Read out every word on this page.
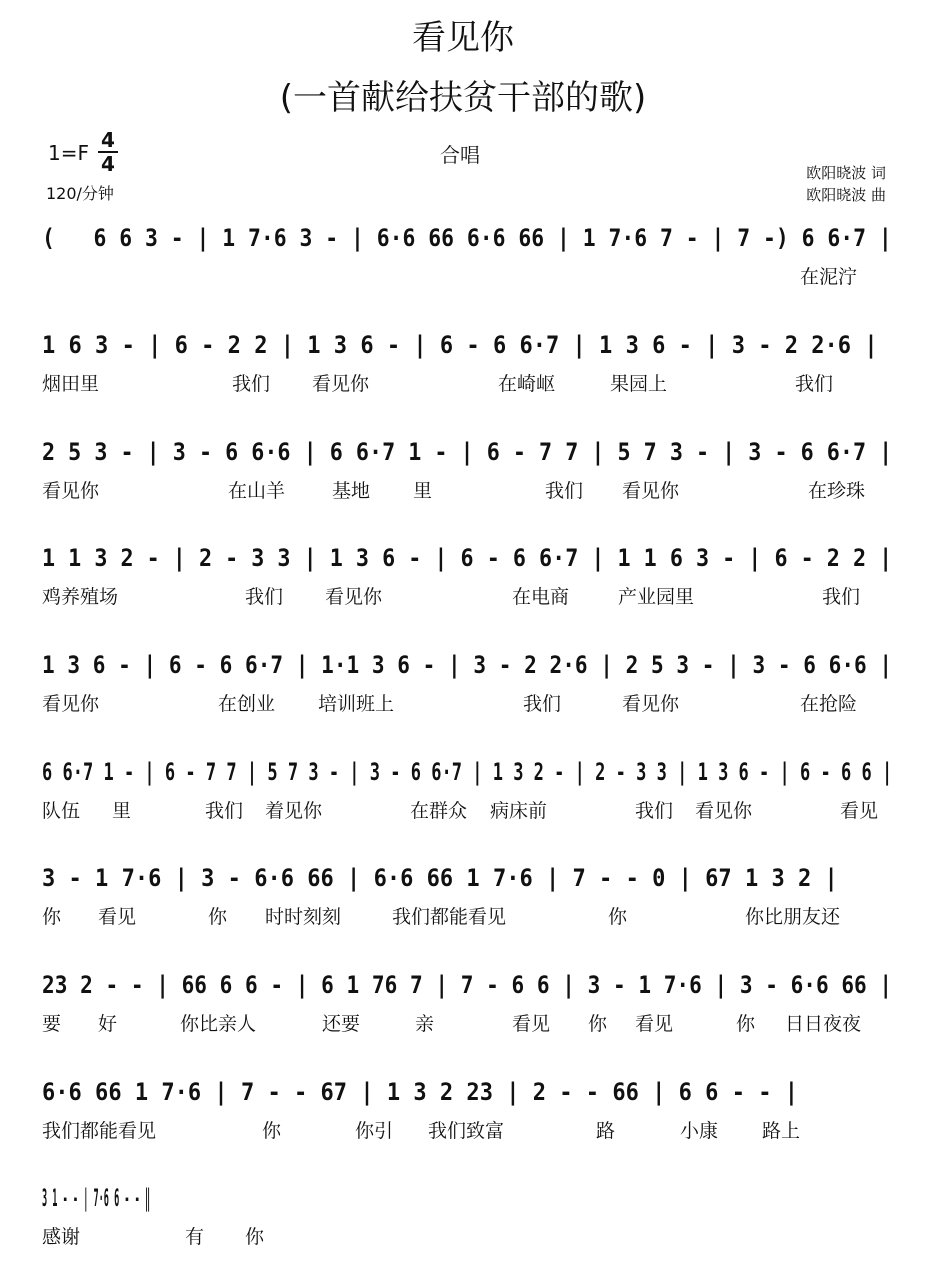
看见你
(一首献给扶贫干部的歌)
1=F
4
4
120/分钟
合唱
欧阳晓波 词
欧阳晓波 曲
(   6 6 3 - | 1 7·6 3 - | 6·6 66 6·6 66 | 1 7·6 7 - | 7 -) 6 6·7 |
在泥泞
1 6 3 - | 6 - 2 2 | 1 3 6 - | 6 - 6 6·7 | 1 3 6 - | 3 - 2 2·6 |
烟田里	我们 看见你	在崎岖	果园上	我们
2 5 3 - | 3 - 6 6·6 | 6 6·7 1 - | 6 - 7 7 | 5 7 3 - | 3 - 6 6·7 |
看见你	在山羊 基地 里	我们 看见你	在珍珠
1 1 3 2 - | 2 - 3 3 | 1 3 6 - | 6 - 6 6·7 | 1 1 6 3 - | 6 - 2 2 |
鸡养殖场	我们 看见你	在电商	产业园里	我们
1 3 6 - | 6 - 6 6·7 | 1·1 3 6 - | 3 - 2 2·6 | 2 5 3 - | 3 - 6 6·6 |
看见你	在创业 培训班上	我们	看见你	在抢险
6 6·7 1 - | 6 - 7 7 | 5 7 3 - | 3 - 6 6·7 | 1 3 2 - | 2 - 3 3 | 1 3 6 - | 6 - 6 6 |
队伍 里	我们 着见你	在群众 病床前	我们 看见你	看见
3 - 1 7·6 | 3 - 6·6 66 | 6·6 66 1 7·6 | 7 - - 0 | 67 1 3 2 |
你 看见	你 时时刻刻	我们都能看见	你	你比朋友还
23 2 - - | 66 6 6 - | 6 1 76 7 | 7 - 6 6 | 3 - 1 7·6 | 3 - 6·6 66 |
要 好	你比亲人	还要	亲	看见 你 看见	你 日日夜夜
6·6 66 1 7·6 | 7 - - 67 | 1 3 2 23 | 2 - - 66 | 6 6 - - |
我们都能看见	你	你引 我们致富	路	小康 路上
3 1 - - | 7·6 6 - - ‖
感谢	有 你
